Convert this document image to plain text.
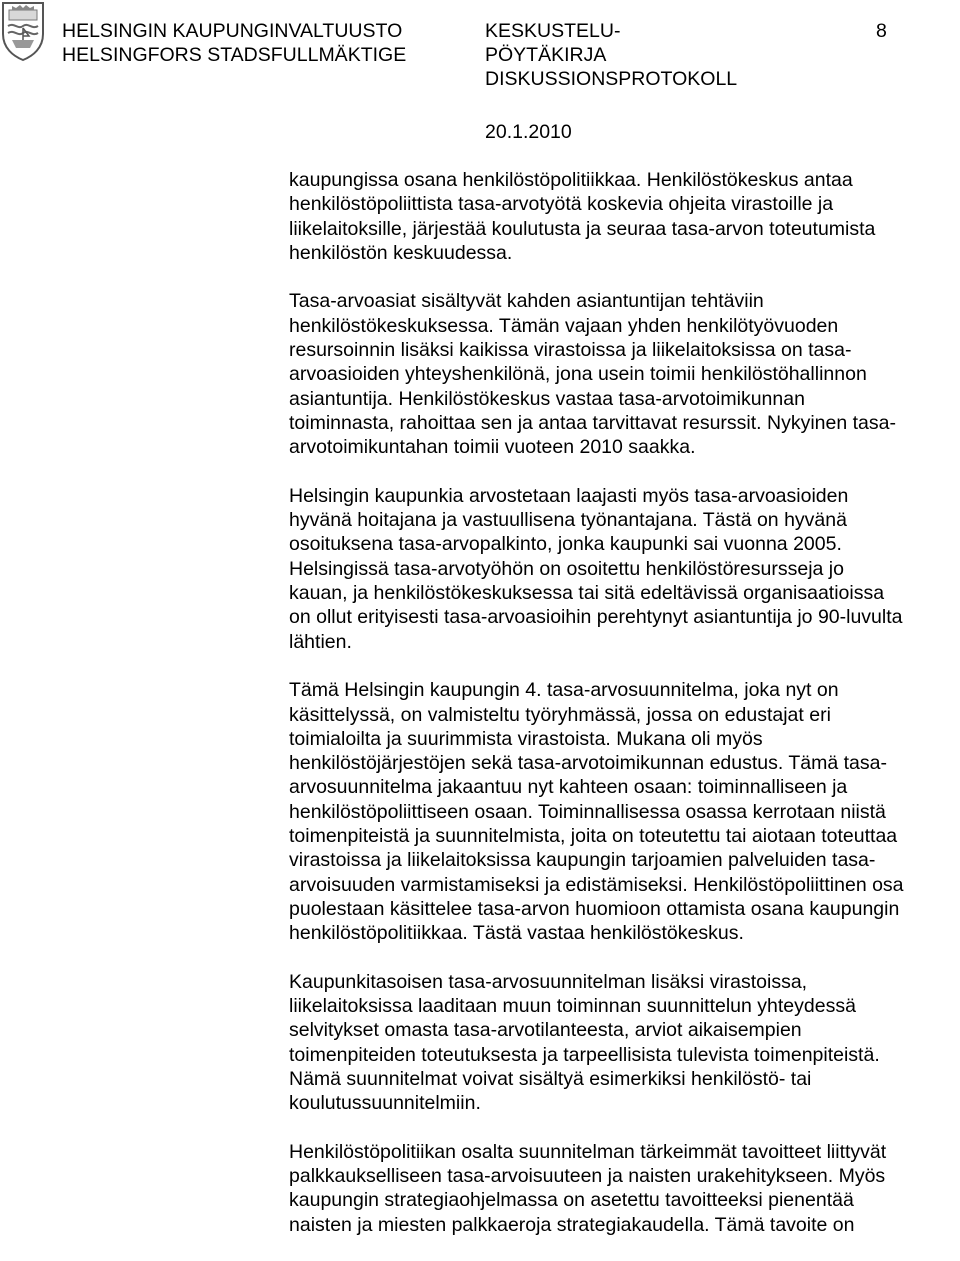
HELSINGIN KAUPUNGINVALTUUSTO
HELSINGFORS STADSFULLMÄKTIGE
KESKUSTELU-
PÖYTÄKIRJA
DISKUSSIONSPROTOKOLL
8
20.1.2010

kaupungissa osana henkilöstöpolitiikkaa. Henkilöstökeskus antaa
henkilöstöpoliittista tasa-arvotyötä koskevia ohjeita virastoille ja
liikelaitoksille, järjestää koulutusta ja seuraa tasa-arvon toteutumista
henkilöstön keskuudessa.

Tasa-arvoasiat sisältyvät kahden asiantuntijan tehtäviin
henkilöstökeskuksessa. Tämän vajaan yhden henkilötyövuoden
resursoinnin lisäksi kaikissa virastoissa ja liikelaitoksissa on tasa-
arvoasioiden yhteyshenkilönä, jona usein toimii henkilöstöhallinnon
asiantuntija. Henkilöstökeskus vastaa tasa-arvotoimikunnan
toiminnasta, rahoittaa sen ja antaa tarvittavat resurssit. Nykyinen tasa-
arvotoimikuntahan toimii vuoteen 2010 saakka.

Helsingin kaupunkia arvostetaan laajasti myös tasa-arvoasioiden
hyvänä hoitajana ja vastuullisena työnantajana. Tästä on hyvänä
osoituksena tasa-arvopalkinto, jonka kaupunki sai vuonna 2005.
Helsingissä tasa-arvotyöhön on osoitettu henkilöstöresursseja jo
kauan, ja henkilöstökeskuksessa tai sitä edeltävissä organisaatioissa
on ollut erityisesti tasa-arvoasioihin perehtynyt asiantuntija jo 90-luvulta
lähtien.

Tämä Helsingin kaupungin 4. tasa-arvosuunnitelma, joka nyt on
käsittelyssä, on valmisteltu työryhmässä, jossa on edustajat eri
toimialoilta ja suurimmista virastoista. Mukana oli myös
henkilöstöjärjestöjen sekä tasa-arvotoimikunnan edustus. Tämä tasa-
arvosuunnitelma jakaantuu nyt kahteen osaan: toiminnalliseen ja
henkilöstöpoliittiseen osaan. Toiminnallisessa osassa kerrotaan niistä
toimenpiteistä ja suunnitelmista, joita on toteutettu tai aiotaan toteuttaa
virastoissa ja liikelaitoksissa kaupungin tarjoamien palveluiden tasa-
arvoisuuden varmistamiseksi ja edistämiseksi. Henkilöstöpoliittinen osa
puolestaan käsittelee tasa-arvon huomioon ottamista osana kaupungin
henkilöstöpolitiikkaa. Tästä vastaa henkilöstökeskus.

Kaupunkitasoisen tasa-arvosuunnitelman lisäksi virastoissa,
liikelaitoksissa laaditaan muun toiminnan suunnittelun yhteydessä
selvitykset omasta tasa-arvotilanteesta, arviot aikaisempien
toimenpiteiden toteutuksesta ja tarpeellisista tulevista toimenpiteistä.
Nämä suunnitelmat voivat sisältyä esimerkiksi henkilöstö- tai
koulutussuunnitelmiin.

Henkilöstöpolitiikan osalta suunnitelman tärkeimmät tavoitteet liittyvät
palkkaukselliseen tasa-arvoisuuteen ja naisten urakehitykseen. Myös
kaupungin strategiaohjelmassa on asetettu tavoitteeksi pienentää
naisten ja miesten palkkaeroja strategiakaudella. Tämä tavoite on
